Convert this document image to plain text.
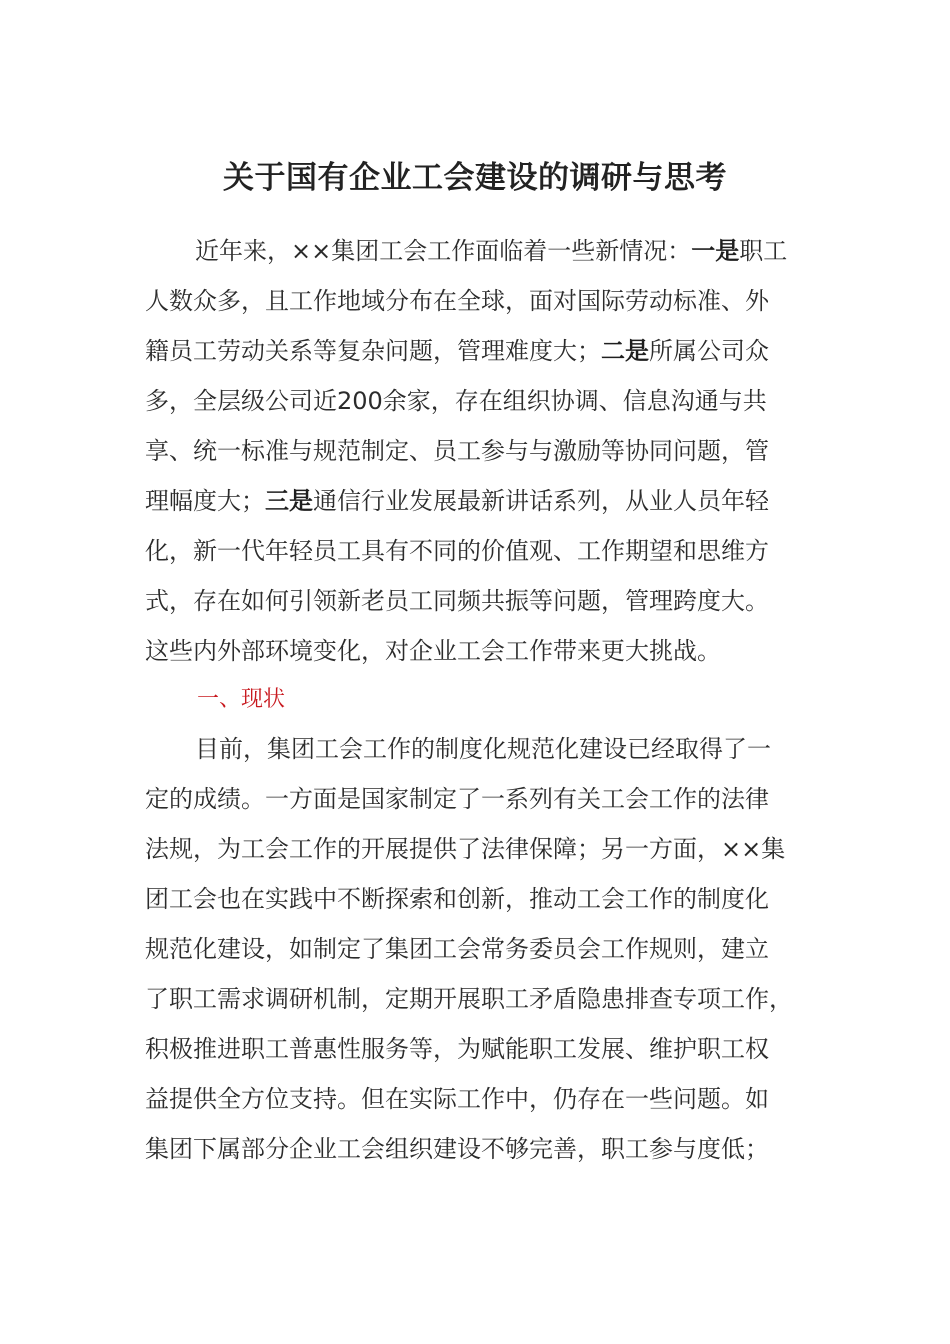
关于国有企业工会建设的调研与思考
近年来，××集团工会工作面临着一些新情况：一是职工
人数众多，且工作地域分布在全球，面对国际劳动标准、外
籍员工劳动关系等复杂问题，管理难度大；二是所属公司众
多，全层级公司近200余家，存在组织协调、信息沟通与共
享、统一标准与规范制定、员工参与与激励等协同问题，管
理幅度大；三是通信行业发展最新讲话系列，从业人员年轻
化，新一代年轻员工具有不同的价值观、工作期望和思维方
式，存在如何引领新老员工同频共振等问题，管理跨度大。
这些内外部环境变化，对企业工会工作带来更大挑战。
一、现状
目前，集团工会工作的制度化规范化建设已经取得了一
定的成绩。一方面是国家制定了一系列有关工会工作的法律
法规，为工会工作的开展提供了法律保障；另一方面，××集
团工会也在实践中不断探索和创新，推动工会工作的制度化
规范化建设，如制定了集团工会常务委员会工作规则，建立
了职工需求调研机制，定期开展职工矛盾隐患排查专项工作，
积极推进职工普惠性服务等，为赋能职工发展、维护职工权
益提供全方位支持。但在实际工作中，仍存在一些问题。如
集团下属部分企业工会组织建设不够完善，职工参与度低；
